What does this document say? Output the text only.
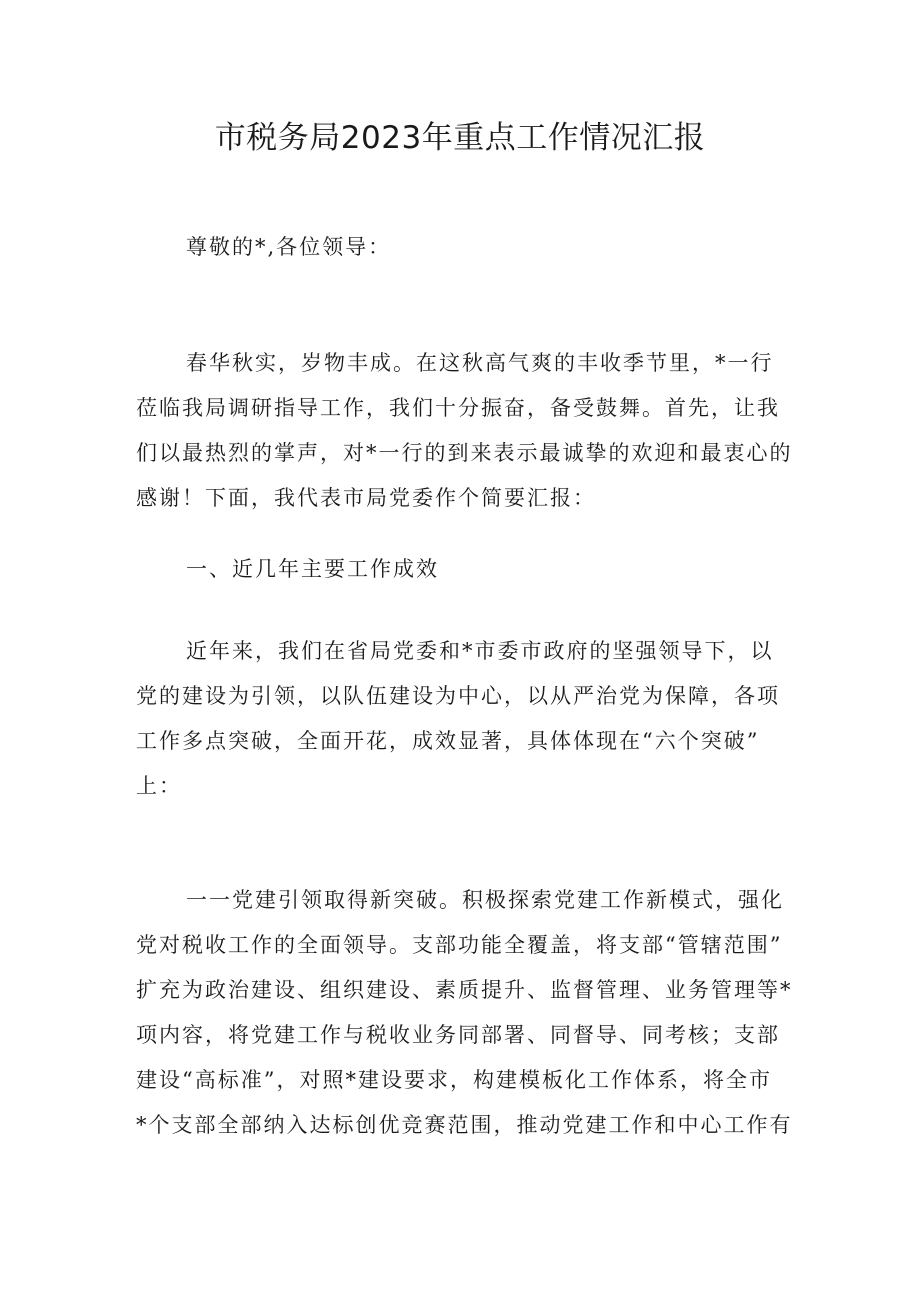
市税务局2023年重点工作情况汇报
尊敬的*,各位领导：
春华秋实，岁物丰成。在这秋高气爽的丰收季节里，*一行
莅临我局调研指导工作，我们十分振奋，备受鼓舞。首先，让我
们以最热烈的掌声，对*一行的到来表示最诚挚的欢迎和最衷心的
感谢！下面，我代表市局党委作个简要汇报：
一、近几年主要工作成效
近年来，我们在省局党委和*市委市政府的坚强领导下，以
党的建设为引领，以队伍建设为中心，以从严治党为保障，各项
工作多点突破，全面开花，成效显著，具体体现在“六个突破”
上：
一一党建引领取得新突破。积极探索党建工作新模式，强化
党对税收工作的全面领导。支部功能全覆盖，将支部“管辖范围”
扩充为政治建设、组织建设、素质提升、监督管理、业务管理等*
项内容，将党建工作与税收业务同部署、同督导、同考核；支部
建设“高标准”，对照*建设要求，构建模板化工作体系，将全市
*个支部全部纳入达标创优竞赛范围，推动党建工作和中心工作有
